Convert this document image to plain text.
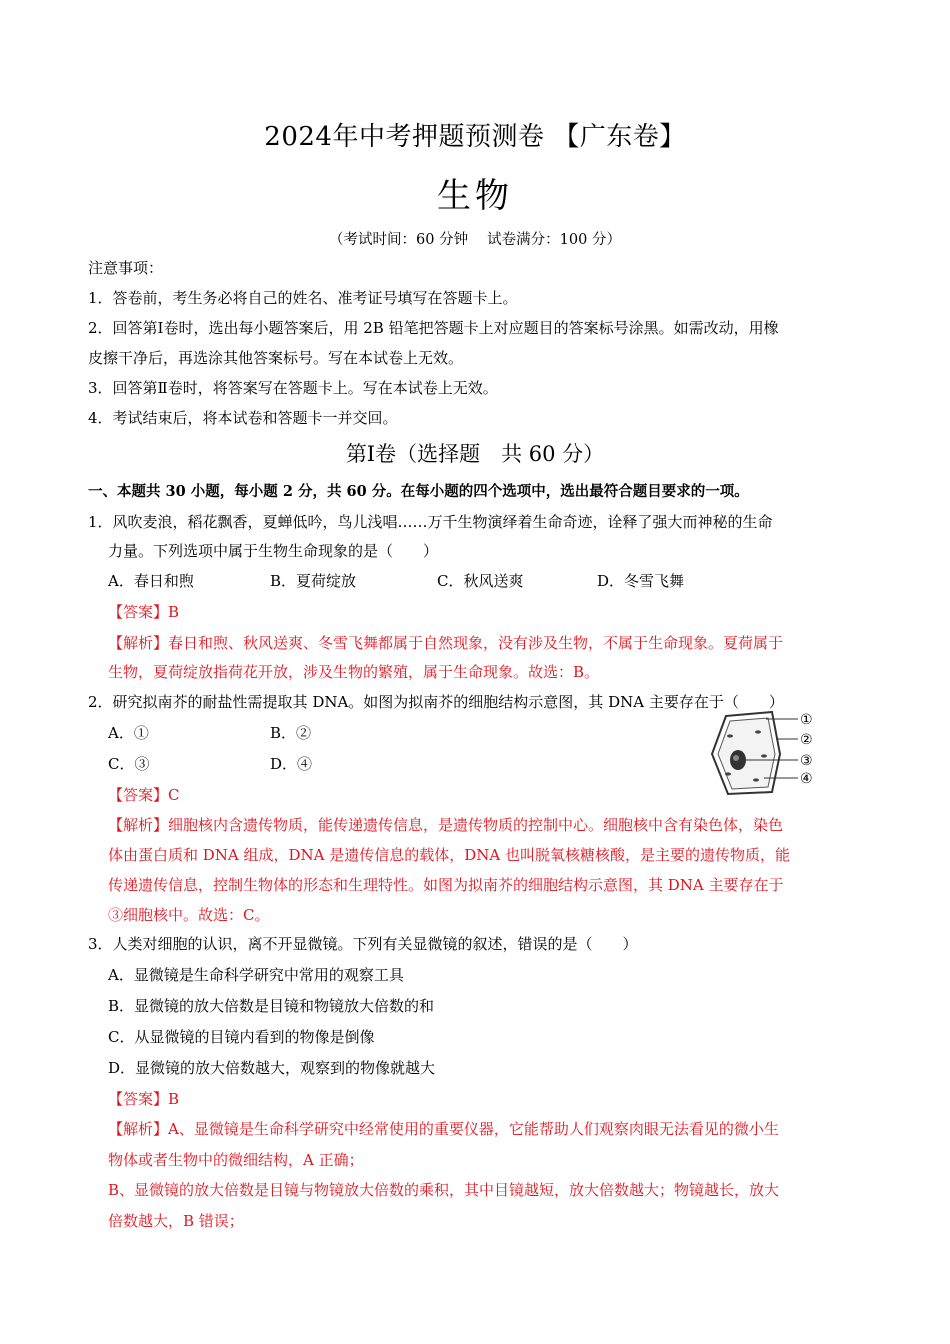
2024年中考押题预测卷 【广东卷】
生物
（考试时间：60 分钟　 试卷满分：100 分）
注意事项：
1．答卷前，考生务必将自己的姓名、准考证号填写在答题卡上。
2．回答第Ⅰ卷时，选出每小题答案后，用 2B 铅笔把答题卡上对应题目的答案标号涂黑。如需改动，用橡
皮擦干净后，再选涂其他答案标号。写在本试卷上无效。
3．回答第Ⅱ卷时，将答案写在答题卡上。写在本试卷上无效。
4．考试结束后，将本试卷和答题卡一并交回。
第Ⅰ卷（选择题　共 60 分）
一、本题共 30 小题，每小题 2 分，共 60 分。在每小题的四个选项中，选出最符合题目要求的一项。
1．风吹麦浪，稻花飘香，夏蝉低吟，鸟儿浅唱……万千生物演绎着生命奇迹，诠释了强大而神秘的生命
力量。下列选项中属于生物生命现象的是（　　）
A．春日和煦	B．夏荷绽放	C．秋风送爽	D．冬雪飞舞
【答案】B
【解析】春日和煦、秋风送爽、冬雪飞舞都属于自然现象，没有涉及生物，不属于生命现象。夏荷属于
生物，夏荷绽放指荷花开放，涉及生物的繁殖，属于生命现象。故选：B。
2．研究拟南芥的耐盐性需提取其 DNA。如图为拟南芥的细胞结构示意图，其 DNA 主要存在于（　　）
A．①	B．②
C．③	D．④
①
②
③
④
【答案】C
【解析】细胞核内含遗传物质，能传递遗传信息，是遗传物质的控制中心。细胞核中含有染色体，染色
体由蛋白质和 DNA 组成，DNA 是遗传信息的载体，DNA 也叫脱氧核糖核酸，是主要的遗传物质，能
传递遗传信息，控制生物体的形态和生理特性。如图为拟南芥的细胞结构示意图，其 DNA 主要存在于
③细胞核中。故选：C。
3．人类对细胞的认识，离不开显微镜。下列有关显微镜的叙述，错误的是（　　）
A．显微镜是生命科学研究中常用的观察工具
B．显微镜的放大倍数是目镜和物镜放大倍数的和
C．从显微镜的目镜内看到的物像是倒像
D．显微镜的放大倍数越大，观察到的物像就越大
【答案】B
【解析】A、显微镜是生命科学研究中经常使用的重要仪器，它能帮助人们观察肉眼无法看见的微小生
物体或者生物中的微细结构，A 正确；
B、显微镜的放大倍数是目镜与物镜放大倍数的乘积，其中目镜越短，放大倍数越大；物镜越长，放大
倍数越大，B 错误；
